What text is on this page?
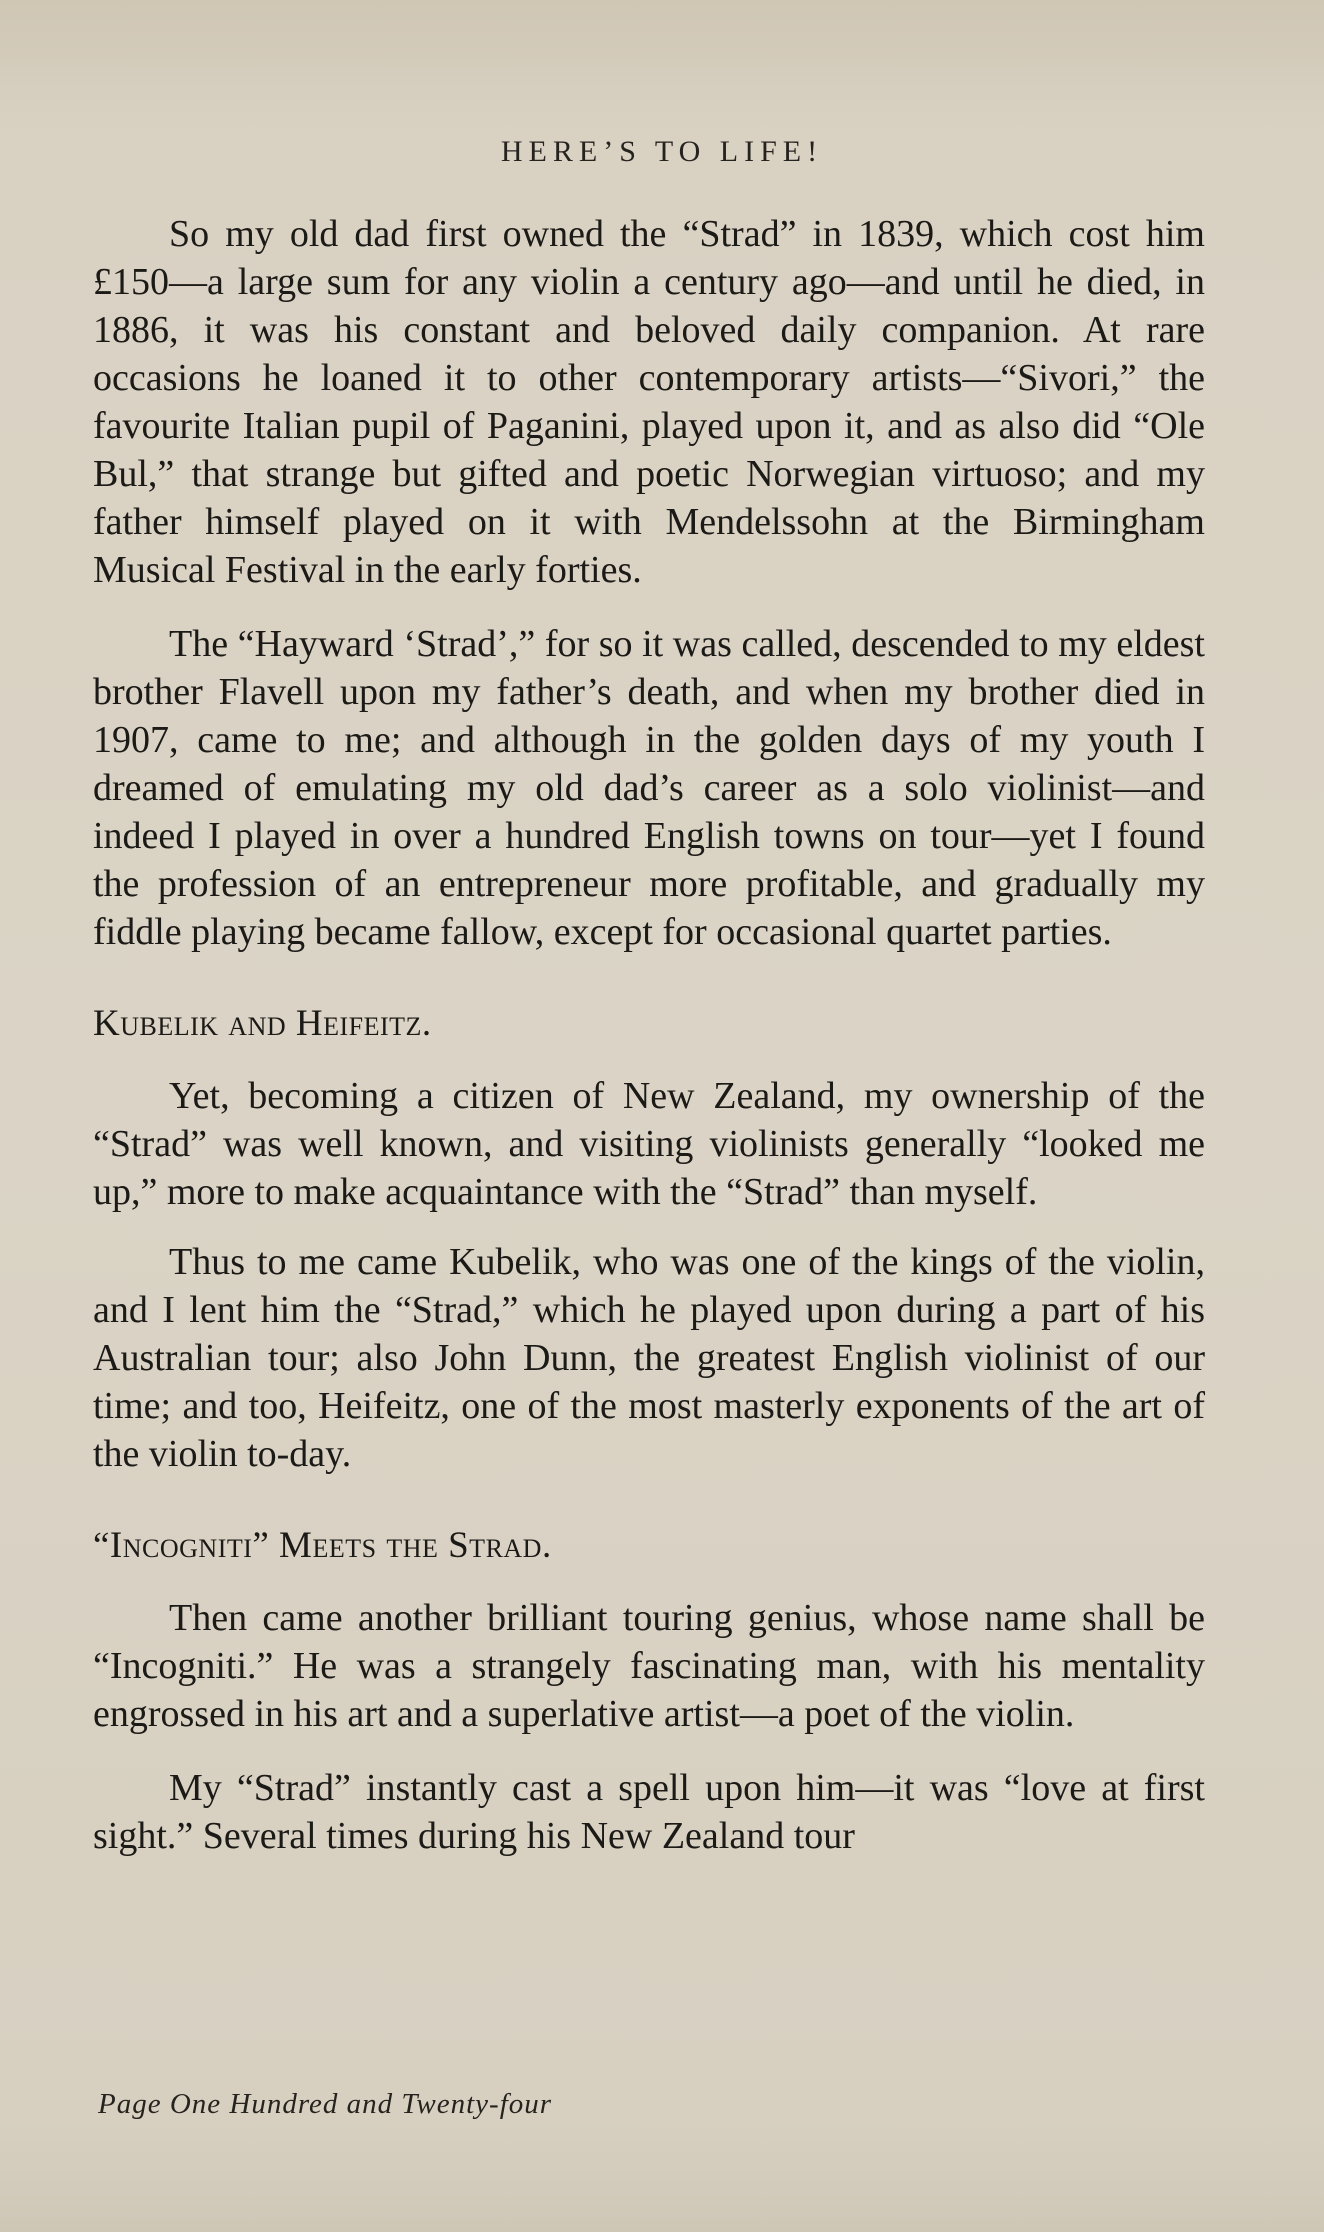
HERE’S TO LIFE!

So my old dad first owned the “Strad” in 1839, which cost him £150—a large sum for any violin a century ago—and until he died, in 1886, it was his constant and beloved daily companion. At rare occasions he loaned it to other contemporary artists—“Sivori,” the favourite Italian pupil of Paganini, played upon it, and as also did “Ole Bul,” that strange but gifted and poetic Norwegian virtuoso; and my father himself played on it with Mendelssohn at the Birmingham Musical Festival in the early forties.

The “Hayward ‘Strad’,” for so it was called, descended to my eldest brother Flavell upon my father’s death, and when my brother died in 1907, came to me; and although in the golden days of my youth I dreamed of emulating my old dad’s career as a solo violinist—and indeed I played in over a hundred English towns on tour—yet I found the profession of an entrepreneur more profitable, and gradually my fiddle playing became fallow, except for occasional quartet parties.

Kubelik and Heifeitz.

Yet, becoming a citizen of New Zealand, my ownership of the “Strad” was well known, and visiting violinists generally “looked me up,” more to make acquaintance with the “Strad” than myself.

Thus to me came Kubelik, who was one of the kings of the violin, and I lent him the “Strad,” which he played upon during a part of his Australian tour; also John Dunn, the greatest English violinist of our time; and too, Heifeitz, one of the most masterly exponents of the art of the violin to-day.

“Incogniti” Meets the Strad.

Then came another brilliant touring genius, whose name shall be “Incogniti.” He was a strangely fascinating man, with his mentality engrossed in his art and a superlative artist—a poet of the violin.

My “Strad” instantly cast a spell upon him—it was “love at first sight.” Several times during his New Zealand tour

Page One Hundred and Twenty-four
